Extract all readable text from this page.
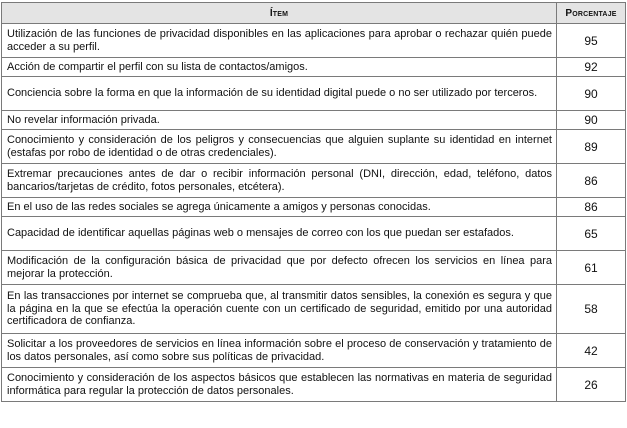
Ítem	Porcentaje
Utilización de las funciones de privacidad disponibles en las aplicaciones para aprobar o rechazar quién puede acceder a su perfil.	95
Acción de compartir el perfil con su lista de contactos/amigos.	92
Conciencia sobre la forma en que la información de su identidad digital puede o no ser utilizado por terceros.	90
No revelar información privada.	90
Conocimiento y consideración de los peligros y consecuencias que alguien suplante su identidad en internet (estafas por robo de identidad o de otras credenciales).	89
Extremar precauciones antes de dar o recibir información personal (DNI, dirección, edad, teléfono, datos bancarios/tarjetas de crédito, fotos personales, etcétera).	86
En el uso de las redes sociales se agrega únicamente a amigos y personas conocidas.	86
Capacidad de identificar aquellas páginas web o mensajes de correo con los que puedan ser estafados.	65
Modificación de la configuración básica de privacidad que por defecto ofrecen los servicios en línea para mejorar la protección.	61
En las transacciones por internet se comprueba que, al transmitir datos sensibles, la conexión es segura y que la página en la que se efectúa la operación cuente con un certificado de seguridad, emitido por una autoridad certificadora de confianza.	58
Solicitar a los proveedores de servicios en línea información sobre el proceso de conservación y tratamiento de los datos personales, así como sobre sus políticas de privacidad.	42
Conocimiento y consideración de los aspectos básicos que establecen las normativas en materia de seguridad informática para regular la protección de datos personales.	26
